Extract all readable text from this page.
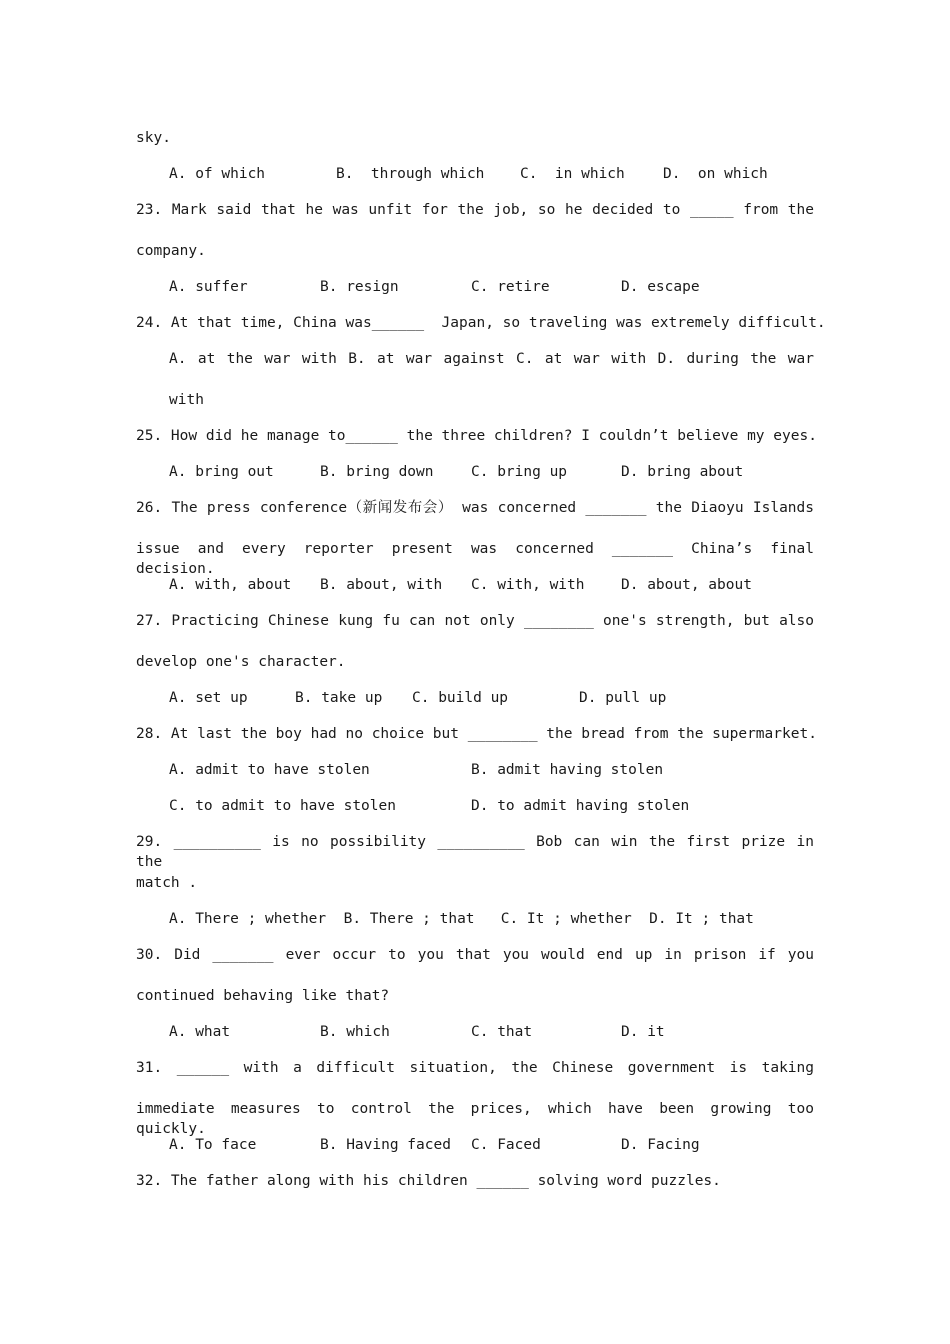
sky.
A. of which	B.  through which C.  in which	D.  on which
23. Mark said that he was unfit for the job, so he decided to _____ from the
company.
A. suffer	B. resign	C. retire	D. escape
24. At that time, China was______  Japan, so traveling was extremely difficult.
A. at the war with B. at war against C. at war with D. during the war
with
25. How did he manage to______ the three children? I couldn’t believe my eyes.
A. bring out	B. bring down	C. bring up	D. bring about
26. The press conference（新闻发布会） was concerned _______ the Diaoyu Islands
issue and every reporter present was concerned _______ China’s final decision.
A. with, about B. about, with C. with, with	D. about, about
27. Practicing Chinese kung fu can not only ________ one's strength, but also
develop one's character.
A. set up	B. take up C. build up	D. pull up
28. At last the boy had no choice but ________ the bread from the supermarket.
A. admit to have stolen	B. admit having stolen
C. to admit to have stolen	D. to admit having stolen
29. __________ is no possibility __________ Bob can win the first prize in the
match .
A. There ; whether  B. There ; that   C. It ; whether  D. It ; that
30. Did _______ ever occur to you that you would end up in prison if you
continued behaving like that?
A. what	B. which	C. that	D. it
31. ______ with a difficult situation, the Chinese government is taking
immediate measures to control the prices, which have been growing too quickly.
A. To face	B. Having faced C. Faced	D. Facing
32. The father along with his children ______ solving word puzzles.
